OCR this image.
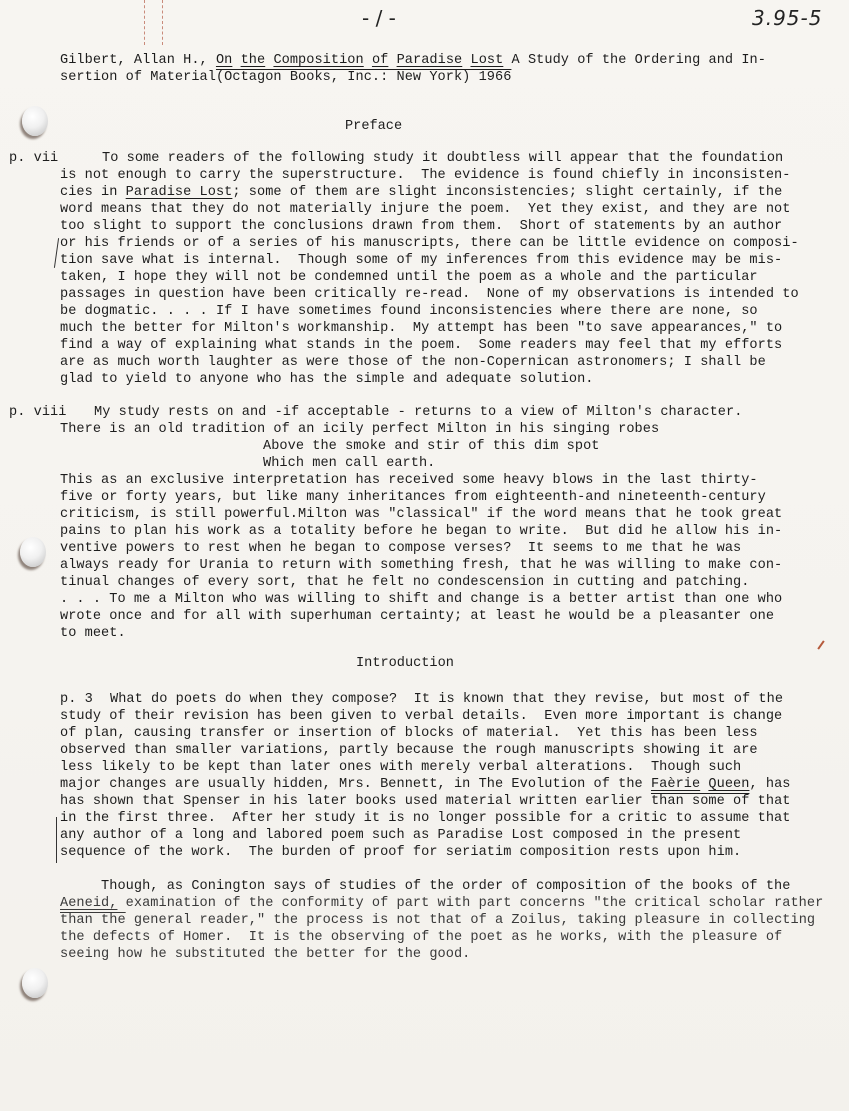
- / -	3.95-5
Gilbert, Allan H., On the Composition of Paradise Lost A Study of the Ordering and In-
sertion of Material(Octagon Books, Inc.: New York) 1966
Preface
p. vii	To some readers of the following study it doubtless will appear that the foundation
is not enough to carry the superstructure.  The evidence is found chiefly in inconsisten-
cies in Paradise Lost; some of them are slight inconsistencies; slight certainly, if the
word means that they do not materially injure the poem.  Yet they exist, and they are not
too slight to support the conclusions drawn from them.  Short of statements by an author
or his friends or of a series of his manuscripts, there can be little evidence on composi-
tion save what is internal.  Though some of my inferences from this evidence may be mis-
taken, I hope they will not be condemned until the poem as a whole and the particular
passages in question have been critically re-read.  None of my observations is intended to
be dogmatic. . . . If I have sometimes found inconsistencies where there are none, so
much the better for Milton's workmanship.  My attempt has been "to save appearances," to
find a way of explaining what stands in the poem.  Some readers may feel that my efforts
are as much worth laughter as were those of the non-Copernican astronomers; I shall be
glad to yield to anyone who has the simple and adequate solution.
p. viii My study rests on and -if acceptable - returns to a view of Milton's character.
There is an old tradition of an icily perfect Milton in his singing robes
Above the smoke and stir of this dim spot
Which men call earth.
This as an exclusive interpretation has received some heavy blows in the last thirty-
five or forty years, but like many inheritances from eighteenth-and nineteenth-century
criticism, is still powerful.Milton was "classical" if the word means that he took great
pains to plan his work as a totality before he began to write.  But did he allow his in-
ventive powers to rest when he began to compose verses?  It seems to me that he was
always ready for Urania to return with something fresh, that he was willing to make con-
tinual changes of every sort, that he felt no condescension in cutting and patching.
. . . To me a Milton who was willing to shift and change is a better artist than one who
wrote once and for all with superhuman certainty; at least he would be a pleasanter one
to meet.
Introduction
p. 3 What do poets do when they compose?  It is known that they revise, but most of the
study of their revision has been given to verbal details.  Even more important is change
of plan, causing transfer or insertion of blocks of material.  Yet this has been less
observed than smaller variations, partly because the rough manuscripts showing it are
less likely to be kept than later ones with merely verbal alterations.  Though such
major changes are usually hidden, Mrs. Bennett, in The Evolution of the Faèrie Queen, has
has shown that Spenser in his later books used material written earlier than some of that
in the first three.  After her study it is no longer possible for a critic to assume that
any author of a long and labored poem such as Paradise Lost composed in the present
sequence of the work.  The burden of proof for seriatim composition rests upon him.
Though, as Conington says of studies of the order of composition of the books of the
Aeneid, examination of the conformity of part with part concerns "the critical scholar rather
than the general reader," the process is not that of a Zoilus, taking pleasure in collecting
the defects of Homer.  It is the observing of the poet as he works, with the pleasure of
seeing how he substituted the better for the good.
